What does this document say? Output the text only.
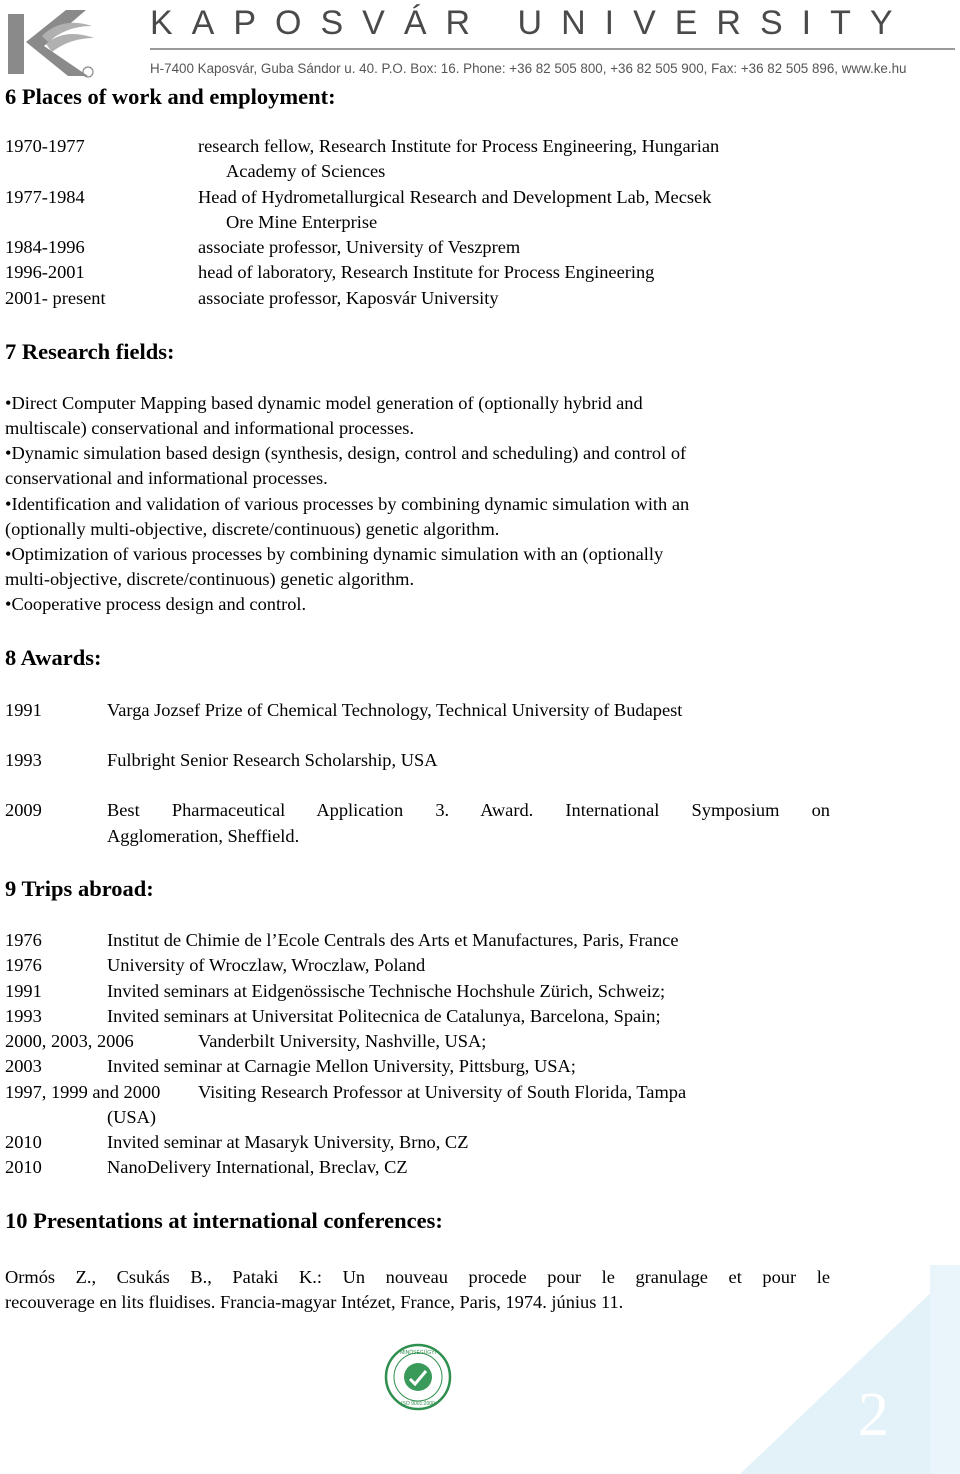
KAPOSVÁR UNIVERSITY
H-7400 Kaposvár, Guba Sándor u. 40. P.O. Box: 16. Phone: +36 82 505 800, +36 82 505 900, Fax: +36 82 505 896, www.ke.hu
6 Places of work and employment:
1970-1977	research fellow, Research Institute for Process Engineering, Hungarian
Academy of Sciences
1977-1984	Head of Hydrometallurgical Research and Development Lab, Mecsek
Ore Mine Enterprise
1984-1996	associate professor, University of Veszprem
1996-2001	head of laboratory, Research Institute for Process Engineering
2001- present	associate professor, Kaposvár University
7 Research fields:
•Direct Computer Mapping based dynamic model generation of (optionally hybrid and
multiscale) conservational and informational processes.
•Dynamic simulation based design (synthesis, design, control and scheduling) and control of
conservational and informational processes.
•Identification and validation of various processes by combining dynamic simulation with an
(optionally multi-objective, discrete/continuous) genetic algorithm.
•Optimization of various processes by combining dynamic simulation with an (optionally
multi-objective, discrete/continuous) genetic algorithm.
•Cooperative process design and control.
8 Awards:
1991	Varga Jozsef Prize of Chemical Technology, Technical University of Budapest
1993	Fulbright Senior Research Scholarship, USA
2009	Best Pharmaceutical Application 3. Award. International Symposium on
Agglomeration, Sheffield.
9 Trips abroad:
1976	Institut de Chimie de l’Ecole Centrals des Arts et Manufactures, Paris, France
1976	University of Wroczlaw, Wroczlaw, Poland
1991	Invited seminars at Eidgenössische Technische Hochshule Zürich, Schweiz;
1993	Invited seminars at Universitat Politecnica de Catalunya, Barcelona, Spain;
2000, 2003, 2006	Vanderbilt University, Nashville, USA;
2003	Invited seminar at Carnagie Mellon University, Pittsburg, USA;
1997, 1999 and 2000 Visiting Research Professor at University of South Florida, Tampa
(USA)
2010	Invited seminar at Masaryk University, Brno, CZ
2010	NanoDelivery International, Breclav, CZ
10 Presentations at international conferences:
Ormós Z., Csukás B., Pataki K.: Un nouveau procede pour le granulage et pour le
recouverage en lits fluidises. Francia-magyar Intézet, France, Paris, 1974. június 11.
2
MINŐSÉGÜGYI
ISO 9001:2000
